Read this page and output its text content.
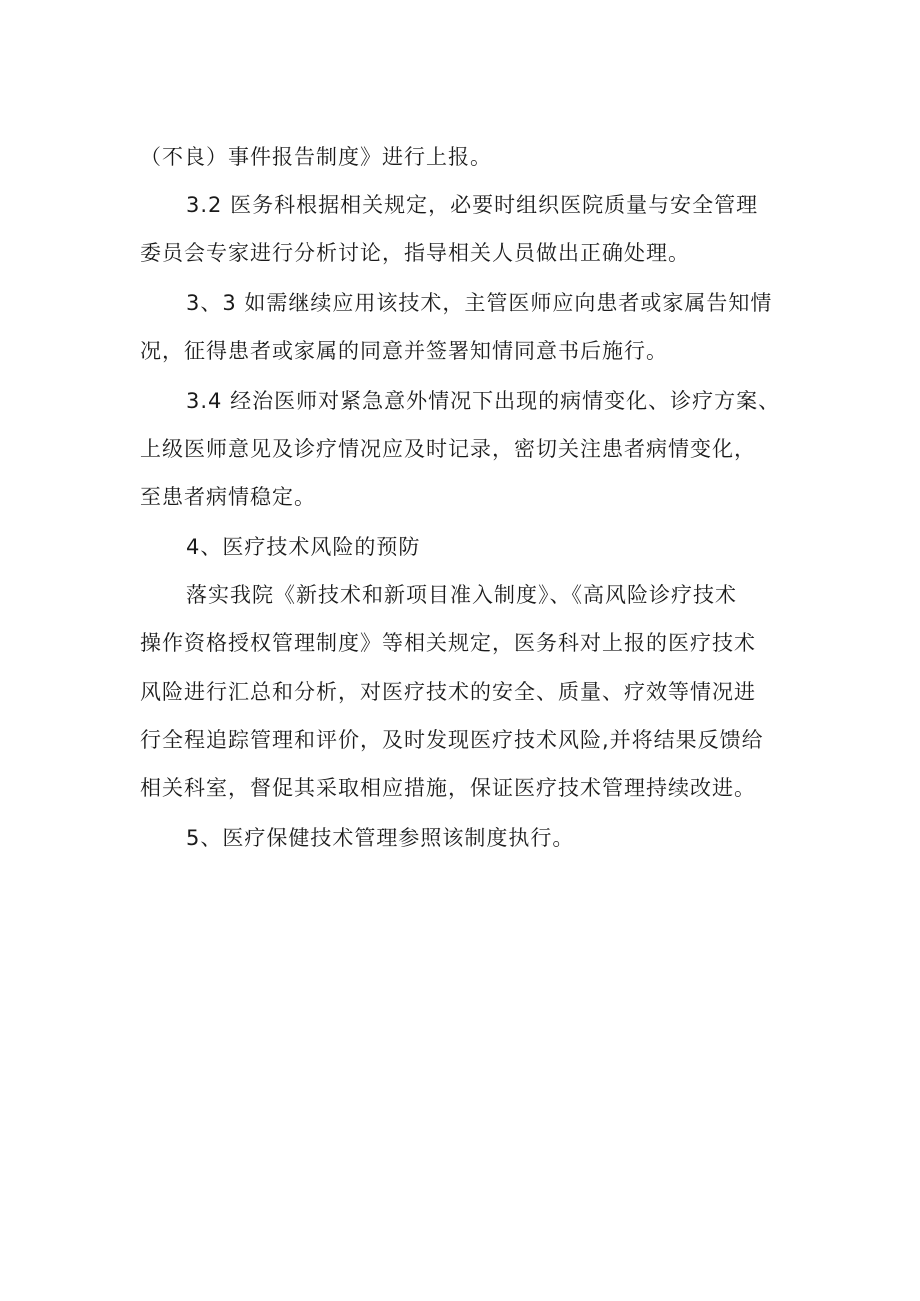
（不良）事件报告制度》进行上报。
3.2 医务科根据相关规定，必要时组织医院质量与安全管理
委员会专家进行分析讨论，指导相关人员做出正确处理。
3、3 如需继续应用该技术，主管医师应向患者或家属告知情
况，征得患者或家属的同意并签署知情同意书后施行。
3.4 经治医师对紧急意外情况下出现的病情变化、诊疗方案、
上级医师意见及诊疗情况应及时记录，密切关注患者病情变化，
至患者病情稳定。
4、医疗技术风险的预防
落实我院《新技术和新项目准入制度》、《高风险诊疗技术
操作资格授权管理制度》等相关规定，医务科对上报的医疗技术
风险进行汇总和分析，对医疗技术的安全、质量、疗效等情况进
行全程追踪管理和评价，及时发现医疗技术风险,并将结果反馈给
相关科室，督促其采取相应措施，保证医疗技术管理持续改进。
5、医疗保健技术管理参照该制度执行。
